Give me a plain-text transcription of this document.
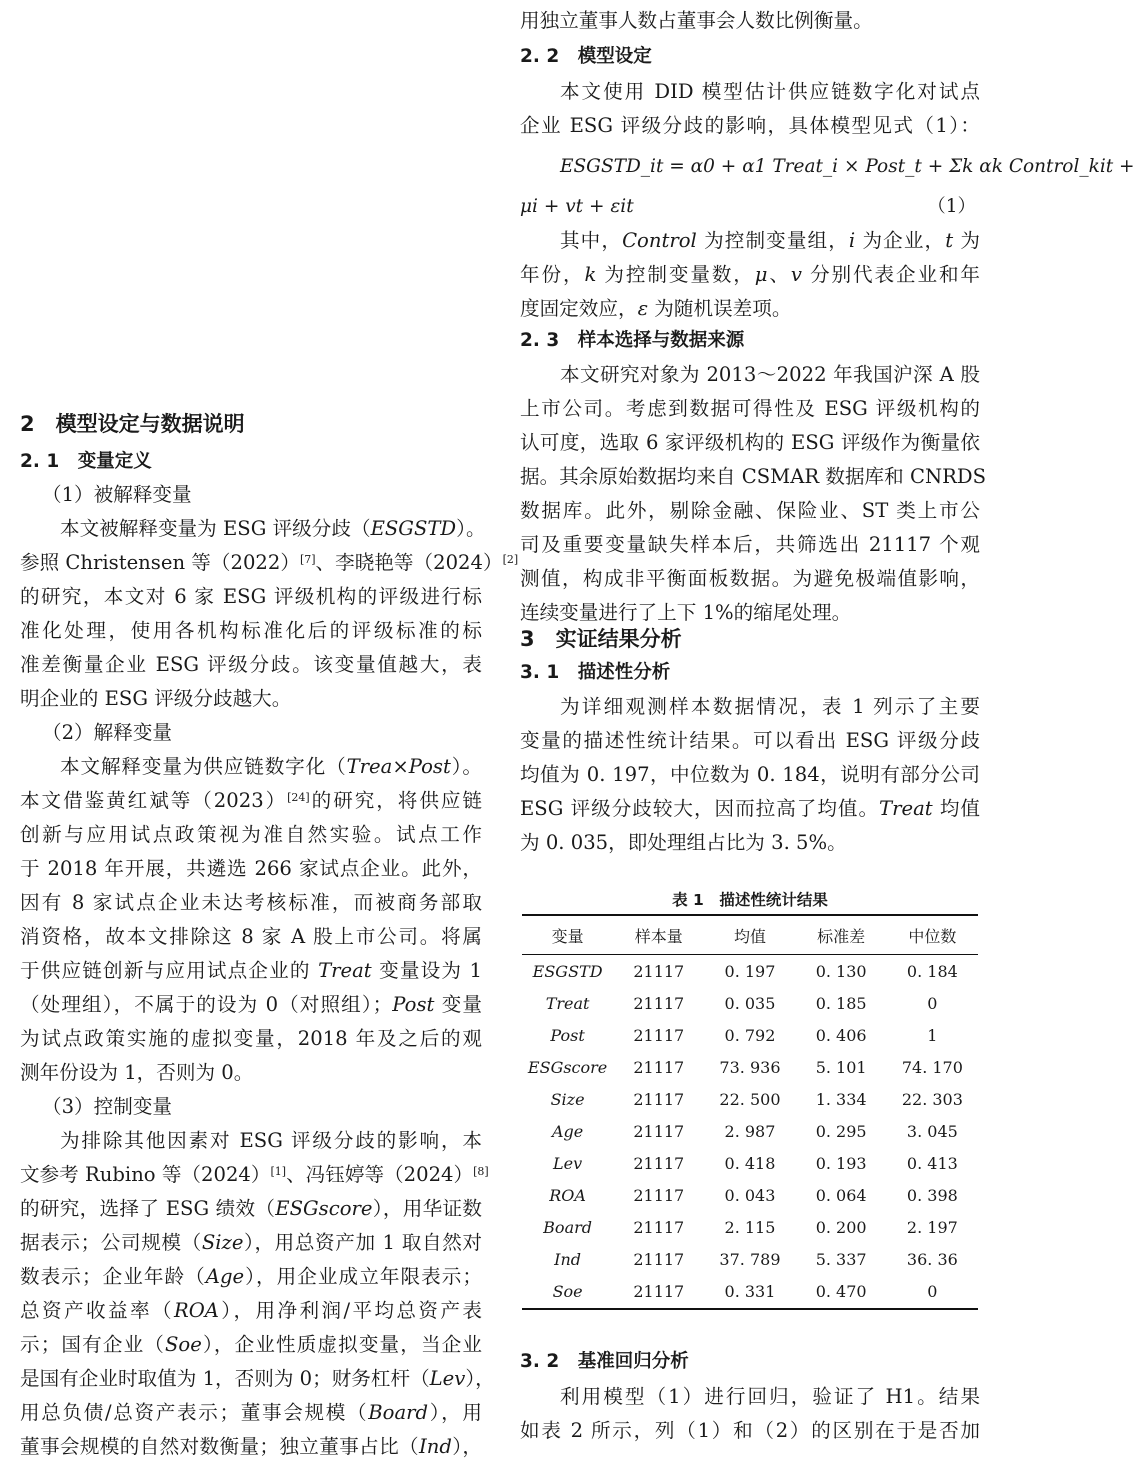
2　模型设定与数据说明
2. 1　变量定义
（1）被解释变量
本文被解释变量为 ESG 评级分歧（ESGSTD）。
参照 Christensen 等（2022）[7]、李晓艳等（2024）[2]
的研究，本文对 6 家 ESG 评级机构的评级进行标
准化处理，使用各机构标准化后的评级标准的标
准差衡量企业 ESG 评级分歧。该变量值越大，表
明企业的 ESG 评级分歧越大。
（2）解释变量
本文解释变量为供应链数字化（Trea×Post）。
本文借鉴黄红斌等（2023）[24]的研究，将供应链
创新与应用试点政策视为准自然实验。试点工作
于 2018 年开展，共遴选 266 家试点企业。此外，
因有 8 家试点企业未达考核标准，而被商务部取
消资格，故本文排除这 8 家 A 股上市公司。将属
于供应链创新与应用试点企业的 Treat 变量设为 1
（处理组），不属于的设为 0（对照组）；Post 变量
为试点政策实施的虚拟变量，2018 年及之后的观
测年份设为 1，否则为 0。
（3）控制变量
为排除其他因素对 ESG 评级分歧的影响，本
文参考 Rubino 等（2024）[1]、冯钰婷等（2024）[8]
的研究，选择了 ESG 绩效（ESGscore），用华证数
据表示；公司规模（Size），用总资产加 1 取自然对
数表示；企业年龄（Age），用企业成立年限表示；
总资产收益率（ROA），用净利润/平均总资产表
示；国有企业（Soe），企业性质虚拟变量，当企业
是国有企业时取值为 1，否则为 0；财务杠杆（Lev），
用总负债/总资产表示；董事会规模（Board），用
董事会规模的自然对数衡量；独立董事占比（Ind），
用独立董事人数占董事会人数比例衡量。
2. 2　模型设定
本文使用 DID 模型估计供应链数字化对试点
企业 ESG 评级分歧的影响，具体模型见式（1）：
ESGSTD_it = α0 + α1 Treat_i × Post_t + Σk αk Control_kit +
μi + vt + εit	（1）
其中，Control 为控制变量组，i 为企业，t 为
年份，k 为控制变量数，μ、v 分别代表企业和年
度固定效应，ε 为随机误差项。
2. 3　样本选择与数据来源
本文研究对象为 2013～2022 年我国沪深 A 股
上市公司。考虑到数据可得性及 ESG 评级机构的
认可度，选取 6 家评级机构的 ESG 评级作为衡量依
据。其余原始数据均来自 CSMAR 数据库和 CNRDS
数据库。此外，剔除金融、保险业、ST 类上市公
司及重要变量缺失样本后，共筛选出 21117 个观
测值，构成非平衡面板数据。为避免极端值影响，
连续变量进行了上下 1%的缩尾处理。
3　实证结果分析
3. 1　描述性分析
为详细观测样本数据情况，表 1 列示了主要
变量的描述性统计结果。可以看出 ESG 评级分歧
均值为 0. 197，中位数为 0. 184，说明有部分公司
ESG 评级分歧较大，因而拉高了均值。Treat 均值
为 0. 035，即处理组占比为 3. 5%。
表 1　描述性统计结果
变量	样本量	均值	标准差	中位数
ESGSTD	21117	0. 197	0. 130	0. 184
Treat	21117	0. 035	0. 185	0
Post	21117	0. 792	0. 406	1
ESGscore	21117	73. 936	5. 101	74. 170
Size	21117	22. 500	1. 334	22. 303
Age	21117	2. 987	0. 295	3. 045
Lev	21117	0. 418	0. 193	0. 413
ROA	21117	0. 043	0. 064	0. 398
Board	21117	2. 115	0. 200	2. 197
Ind	21117	37. 789	5. 337	36. 36
Soe	21117	0. 331	0. 470	0
3. 2　基准回归分析
利用模型（1）进行回归，验证了 H1。结果
如表 2 所示，列（1）和（2）的区别在于是否加
